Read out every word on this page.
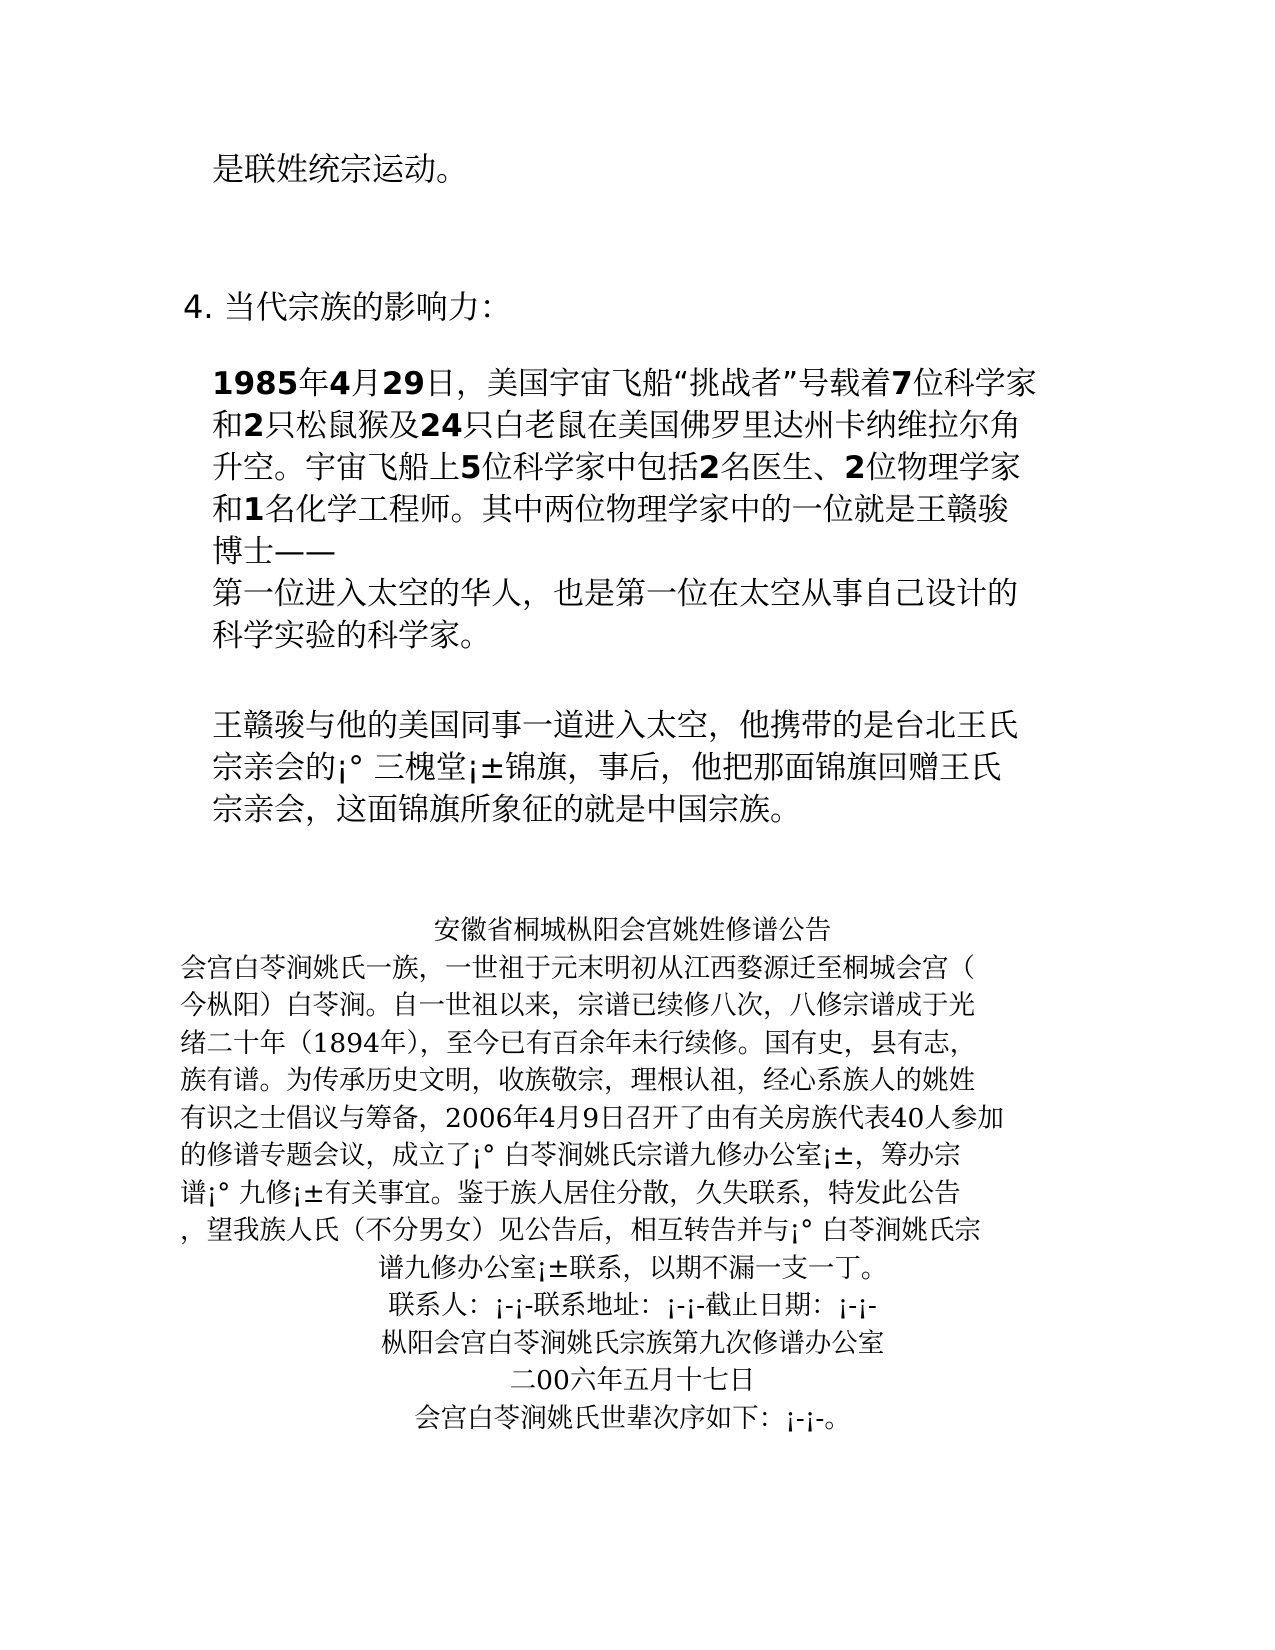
是联姓统宗运动。
4. 当代宗族的影响力：
1985年4月29日，美国宇宙飞船“挑战者”号载着7位科学家
和2只松鼠猴及24只白老鼠在美国佛罗里达州卡纳维拉尔角
升空。宇宙飞船上5位科学家中包括2名医生、2位物理学家
和1名化学工程师。其中两位物理学家中的一位就是王赣骏
博士——
第一位进入太空的华人，也是第一位在太空从事自己设计的
科学实验的科学家。
王赣骏与他的美国同事一道进入太空，他携带的是台北王氏
宗亲会的¡° 三槐堂¡±锦旗，事后，他把那面锦旗回赠王氏
宗亲会，这面锦旗所象征的就是中国宗族。
安徽省桐城枞阳会宫姚姓修谱公告
会宫白苓涧姚氏一族，一世祖于元末明初从江西婺源迁至桐城会宫（
今枞阳）白苓涧。自一世祖以来，宗谱已续修八次，八修宗谱成于光
绪二十年（1894年），至今已有百余年未行续修。国有史，县有志，
族有谱。为传承历史文明，收族敬宗，理根认祖，经心系族人的姚姓
有识之士倡议与筹备，2006年4月9日召开了由有关房族代表40人参加
的修谱专题会议，成立了¡° 白苓涧姚氏宗谱九修办公室¡±，筹办宗
谱¡° 九修¡±有关事宜。鉴于族人居住分散，久失联系，特发此公告
，望我族人氏（不分男女）见公告后，相互转告并与¡° 白苓涧姚氏宗
谱九修办公室¡±联系，以期不漏一支一丁。
联系人：¡-¡-联系地址：¡-¡-截止日期：¡-¡-
枞阳会宫白苓涧姚氏宗族第九次修谱办公室
二00六年五月十七日
会宫白苓涧姚氏世辈次序如下：¡-¡-。
